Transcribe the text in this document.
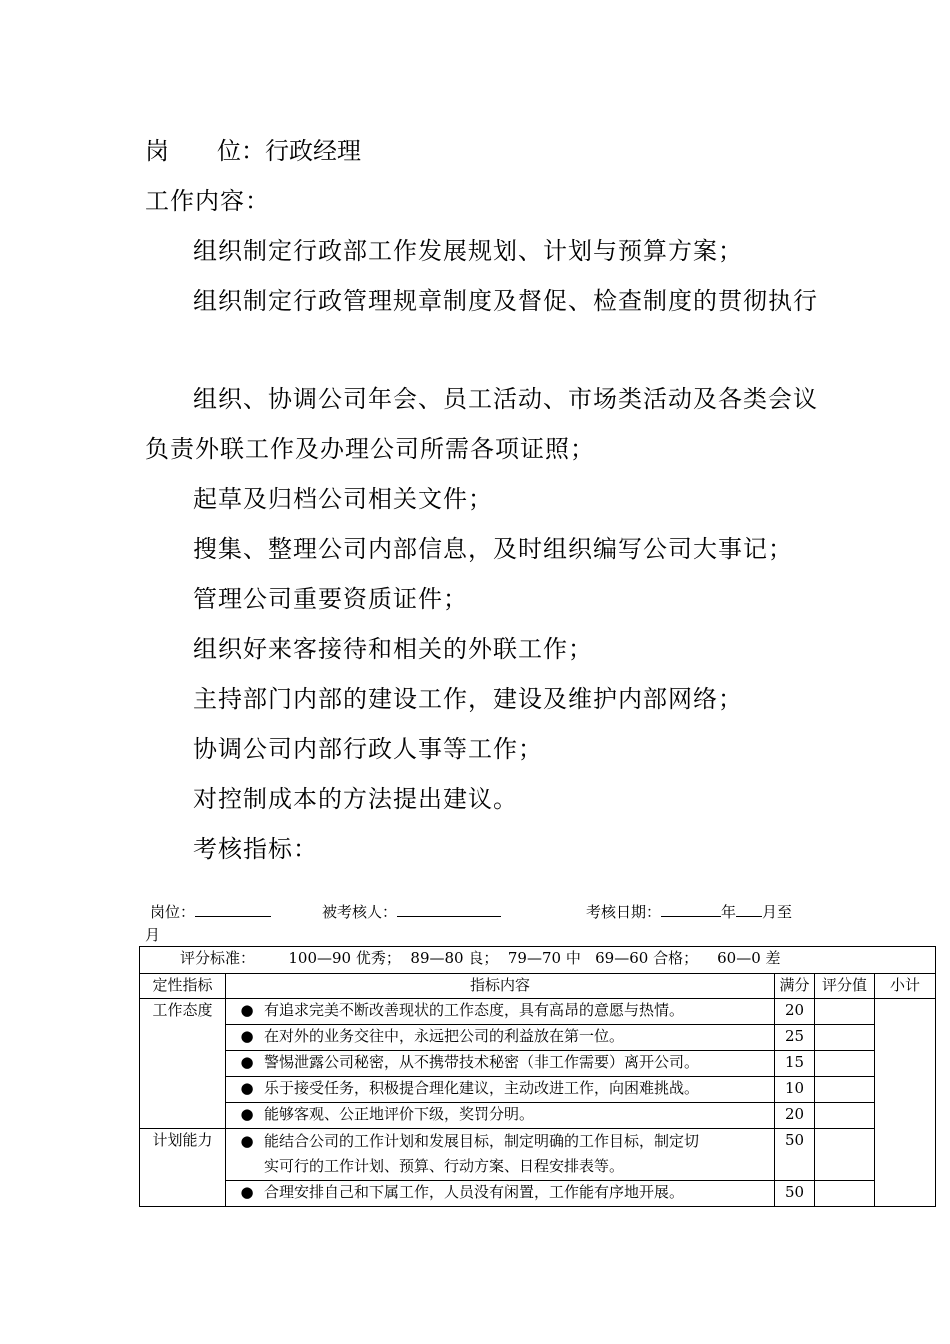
岗 位：行政经理
工作内容：
组织制定行政部工作发展规划、计划与预算方案；
组织制定行政管理规章制度及督促、检查制度的贯彻执行
组织、协调公司年会、员工活动、市场类活动及各类会议
负责外联工作及办理公司所需各项证照；
起草及归档公司相关文件；
搜集、整理公司内部信息，及时组织编写公司大事记；
管理公司重要资质证件；
组织好来客接待和相关的外联工作；
主持部门内部的建设工作，建设及维护内部网络；
协调公司内部行政人事等工作；
对控制成本的方法提出建议。
考核指标：
岗位：	被考核人：	考核日期：	年 月至
月
评分标准：       100—90 优秀；  89—80 良；  79—70 中   69—60 合格；    60—0 差				
定性指标	指标内容	满分	评分值	小计
工作态度	● 有追求完美不断改善现状的工作态度，具有高昂的意愿与热情。	20		
	● 在对外的业务交往中，永远把公司的利益放在第一位。	25		
	● 警惕泄露公司秘密，从不携带技术秘密（非工作需要）离开公司。	15		
	● 乐于接受任务，积极提合理化建议，主动改进工作，向困难挑战。	10		
	● 能够客观、公正地评价下级，奖罚分明。	20		
计划能力	● 能结合公司的工作计划和发展目标，制定明确的工作目标，制定切
实可行的工作计划、预算、行动方案、日程安排表等。	50		
	● 合理安排自己和下属工作，人员没有闲置，工作能有序地开展。	50		
